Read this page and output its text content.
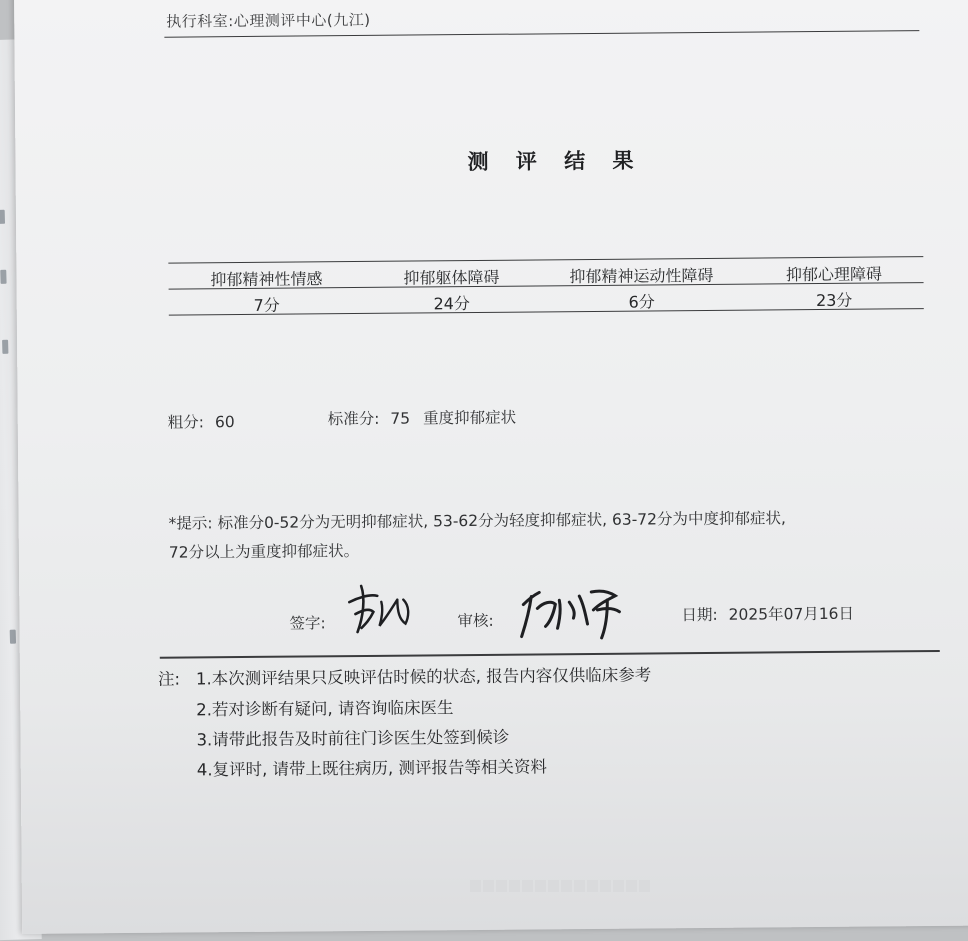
执行科室:心理测评中心(九江)
测 评 结 果
抑郁精神性情感	抑郁躯体障碍	抑郁精神运动性障碍	抑郁心理障碍
7分	24分	6分	23分
粗分: 60	标准分: 75 重度抑郁症状
*提示: 标准分0-52分为无明抑郁症状, 53-62分为轻度抑郁症状, 63-72分为中度抑郁症状,
72分以上为重度抑郁症状。
签字:	审核:	日期: 2025年07月16日
注: 1.本次测评结果只反映评估时候的状态, 报告内容仅供临床参考
2.若对诊断有疑问, 请咨询临床医生
3.请带此报告及时前往门诊医生处签到候诊
4.复评时, 请带上既往病历, 测评报告等相关资料
